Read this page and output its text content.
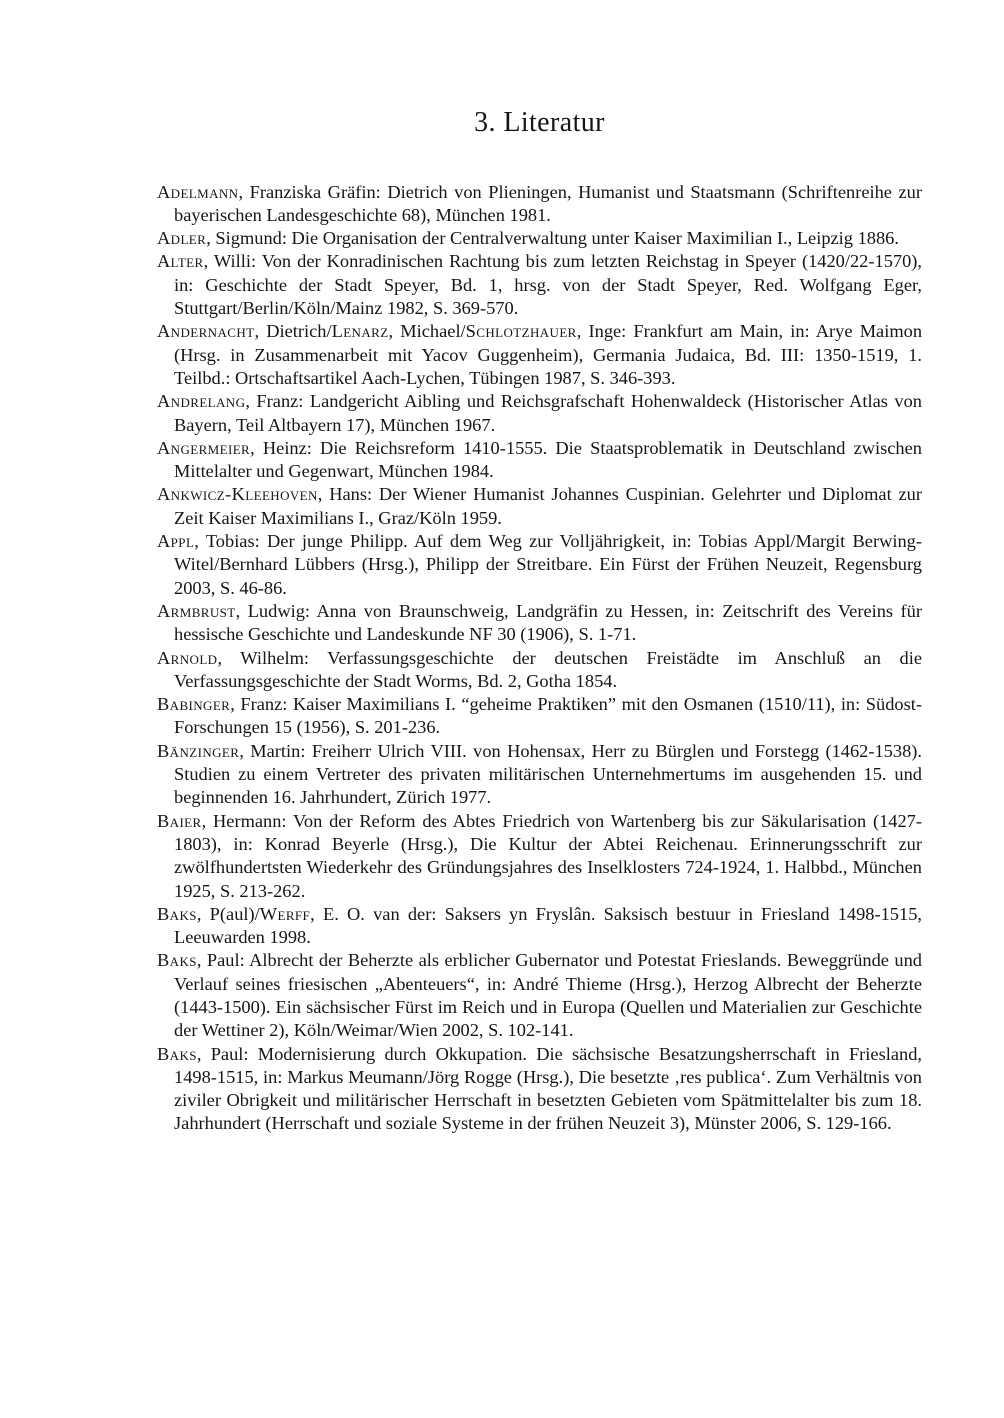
3. Literatur

Adelmann, Franziska Gräfin: Dietrich von Plieningen, Humanist und Staatsmann (Schriftenreihe zur bayerischen Landesgeschichte 68), München 1981.

Adler, Sigmund: Die Organisation der Centralverwaltung unter Kaiser Maximilian I., Leipzig 1886.

Alter, Willi: Von der Konradinischen Rachtung bis zum letzten Reichstag in Speyer (1420/22-1570), in: Geschichte der Stadt Speyer, Bd. 1, hrsg. von der Stadt Speyer, Red. Wolfgang Eger, Stuttgart/Berlin/Köln/Mainz 1982, S. 369-570.

Andernacht, Dietrich/Lenarz, Michael/Schlotzhauer, Inge: Frankfurt am Main, in: Arye Maimon (Hrsg. in Zusammenarbeit mit Yacov Guggenheim), Germania Judaica, Bd. III: 1350-1519, 1. Teilbd.: Ortschaftsartikel Aach-Lychen, Tübingen 1987, S. 346-393.

Andrelang, Franz: Landgericht Aibling und Reichsgrafschaft Hohenwaldeck (Historischer Atlas von Bayern, Teil Altbayern 17), München 1967.

Angermeier, Heinz: Die Reichsreform 1410-1555. Die Staatsproblematik in Deutschland zwischen Mittelalter und Gegenwart, München 1984.

Ankwicz-Kleehoven, Hans: Der Wiener Humanist Johannes Cuspinian. Gelehrter und Diplomat zur Zeit Kaiser Maximilians I., Graz/Köln 1959.

Appl, Tobias: Der junge Philipp. Auf dem Weg zur Volljährigkeit, in: Tobias Appl/Margit Berwing-Witel/Bernhard Lübbers (Hrsg.), Philipp der Streitbare. Ein Fürst der Frühen Neuzeit, Regensburg 2003, S. 46-86.

Armbrust, Ludwig: Anna von Braunschweig, Landgräfin zu Hessen, in: Zeitschrift des Vereins für hessische Geschichte und Landeskunde NF 30 (1906), S. 1-71.

Arnold, Wilhelm: Verfassungsgeschichte der deutschen Freistädte im Anschluß an die Verfassungsgeschichte der Stadt Worms, Bd. 2, Gotha 1854.

Babinger, Franz: Kaiser Maximilians I. “geheime Praktiken” mit den Osmanen (1510/11), in: Südost-Forschungen 15 (1956), S. 201-236.

Bänzinger, Martin: Freiherr Ulrich VIII. von Hohensax, Herr zu Bürglen und Forstegg (1462-1538). Studien zu einem Vertreter des privaten militärischen Unternehmertums im ausgehenden 15. und beginnenden 16. Jahrhundert, Zürich 1977.

Baier, Hermann: Von der Reform des Abtes Friedrich von Wartenberg bis zur Säkularisation (1427-1803), in: Konrad Beyerle (Hrsg.), Die Kultur der Abtei Reichenau. Erinnerungsschrift zur zwölfhundertsten Wiederkehr des Gründungsjahres des Inselklosters 724-1924, 1. Halbbd., München 1925, S. 213-262.

Baks, P(aul)/Werff, E. O. van der: Saksers yn Fryslân. Saksisch bestuur in Friesland 1498-1515, Leeuwarden 1998.

Baks, Paul: Albrecht der Beherzte als erblicher Gubernator und Potestat Frieslands. Beweggründe und Verlauf seines friesischen „Abenteuers“, in: André Thieme (Hrsg.), Herzog Albrecht der Beherzte (1443-1500). Ein sächsischer Fürst im Reich und in Europa (Quellen und Materialien zur Geschichte der Wettiner 2), Köln/Weimar/Wien 2002, S. 102-141.

Baks, Paul: Modernisierung durch Okkupation. Die sächsische Besatzungsherrschaft in Friesland, 1498-1515, in: Markus Meumann/Jörg Rogge (Hrsg.), Die besetzte ‚res publica‘. Zum Verhältnis von ziviler Obrigkeit und militärischer Herrschaft in besetzten Gebieten vom Spätmittelalter bis zum 18. Jahrhundert (Herrschaft und soziale Systeme in der frühen Neuzeit 3), Münster 2006, S. 129-166.
